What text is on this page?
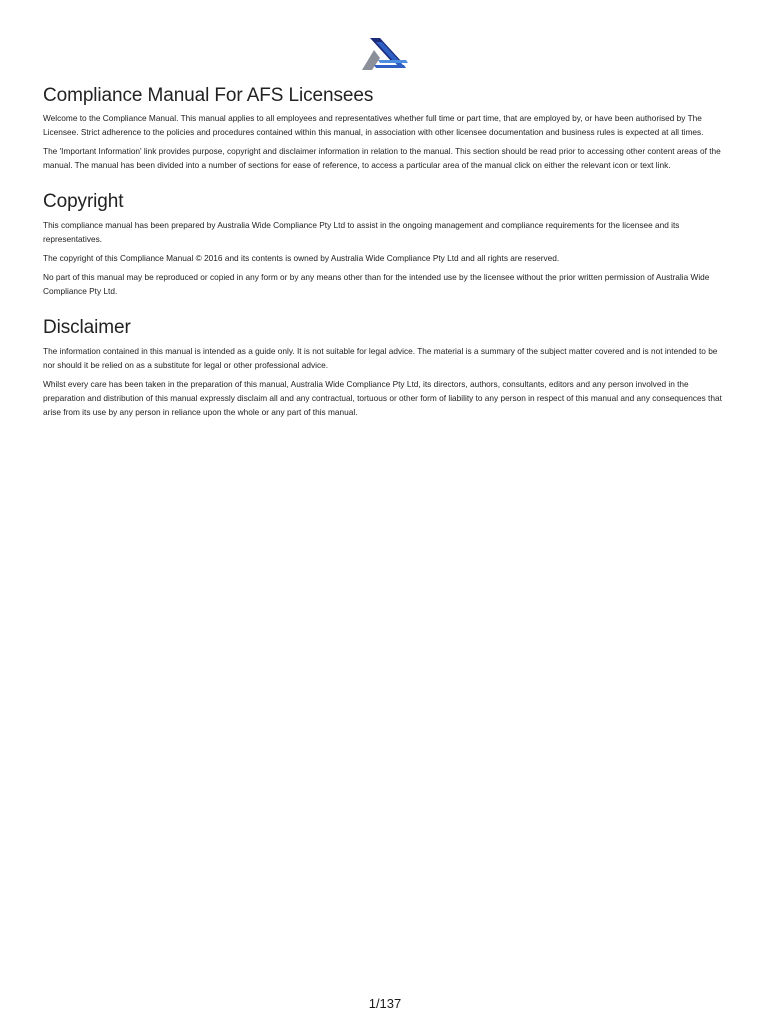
Compliance Manual For AFS Licensees

Welcome to the Compliance Manual. This manual applies to all employees and representatives whether full time or part time, that are employed by, or have been authorised by The Licensee. Strict adherence to the policies and procedures contained within this manual, in association with other licensee documentation and business rules is expected at all times.

The 'Important Information' link provides purpose, copyright and disclaimer information in relation to the manual. This section should be read prior to accessing other content areas of the manual. The manual has been divided into a number of sections for ease of reference, to access a particular area of the manual click on either the relevant icon or text link.

Copyright

This compliance manual has been prepared by Australia Wide Compliance Pty Ltd to assist in the ongoing management and compliance requirements for the licensee and its representatives.

The copyright of this Compliance Manual © 2016 and its contents is owned by Australia Wide Compliance Pty Ltd and all rights are reserved.

No part of this manual may be reproduced or copied in any form or by any means other than for the intended use by the licensee without the prior written permission of Australia Wide Compliance Pty Ltd.

Disclaimer

The information contained in this manual is intended as a guide only. It is not suitable for legal advice. The material is a summary of the subject matter covered and is not intended to be nor should it be relied on as a substitute for legal or other professional advice.

Whilst every care has been taken in the preparation of this manual, Australia Wide Compliance Pty Ltd, its directors, authors, consultants, editors and any person involved in the preparation and distribution of this manual expressly disclaim all and any contractual, tortuous or other form of liability to any person in respect of this manual and any consequences that arise from its use by any person in reliance upon the whole or any part of this manual.

1/137
